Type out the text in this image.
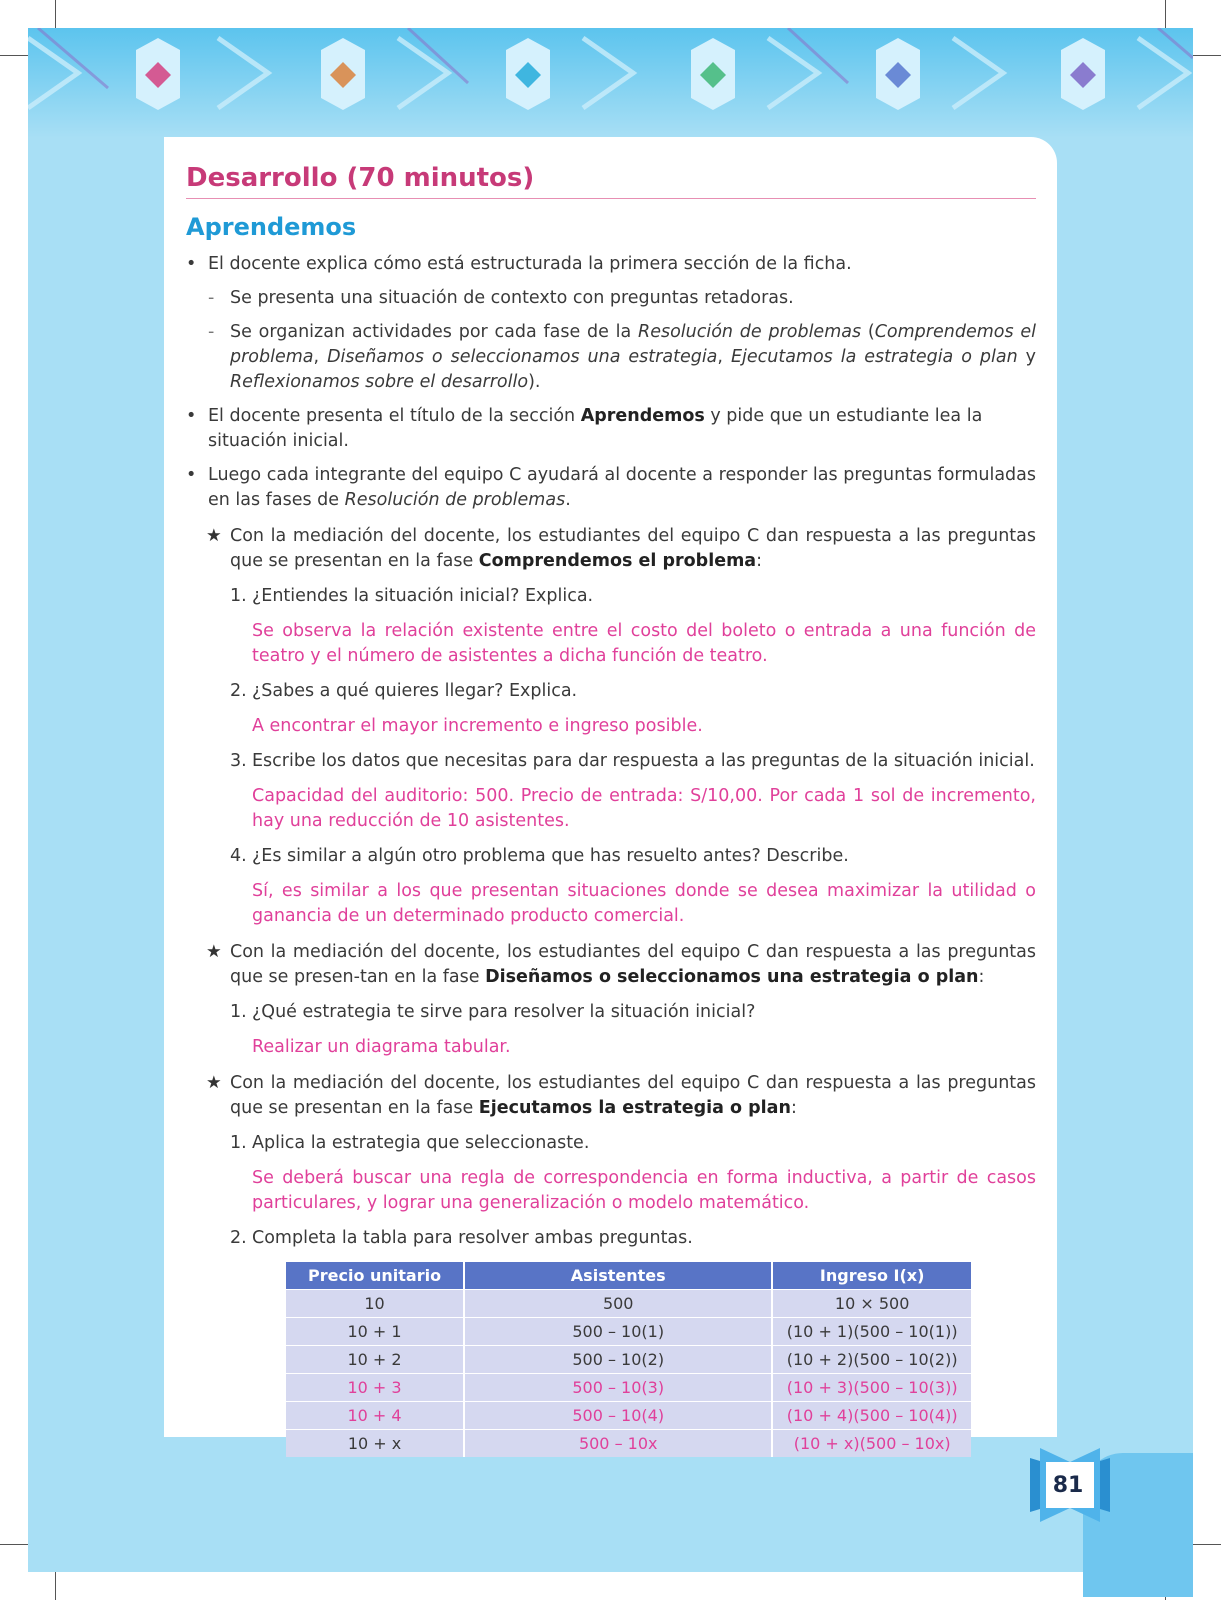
Desarrollo (70 minutos)
Aprendemos
• El docente explica cómo está estructurada la primera sección de la ficha.
- Se presenta una situación de contexto con preguntas retadoras.
- Se organizan actividades por cada fase de la Resolución de problemas (Comprendemos el problema, Diseñamos o seleccionamos una estrategia, Ejecutamos la estrategia o plan y Reflexionamos sobre el desarrollo).
• El docente presenta el título de la sección Aprendemos y pide que un estudiante lea la situación inicial.
• Luego cada integrante del equipo C ayudará al docente a responder las preguntas formuladas en las fases de Resolución de problemas.
★ Con la mediación del docente, los estudiantes del equipo C dan respuesta a las preguntas que se presentan en la fase Comprendemos el problema:
1. ¿Entiendes la situación inicial? Explica.
Se observa la relación existente entre el costo del boleto o entrada a una función de teatro y el número de asistentes a dicha función de teatro.
2. ¿Sabes a qué quieres llegar? Explica.
A encontrar el mayor incremento e ingreso posible.
3. Escribe los datos que necesitas para dar respuesta a las preguntas de la situación inicial.
Capacidad del auditorio: 500. Precio de entrada: S/10,00. Por cada 1 sol de incremento, hay una reducción de 10 asistentes.
4. ¿Es similar a algún otro problema que has resuelto antes? Describe.
Sí, es similar a los que presentan situaciones donde se desea maximizar la utilidad o ganancia de un determinado producto comercial.
★ Con la mediación del docente, los estudiantes del equipo C dan respuesta a las preguntas que se presen-tan en la fase Diseñamos o seleccionamos una estrategia o plan:
1. ¿Qué estrategia te sirve para resolver la situación inicial?
Realizar un diagrama tabular.
★ Con la mediación del docente, los estudiantes del equipo C dan respuesta a las preguntas que se presentan en la fase Ejecutamos la estrategia o plan:
1. Aplica la estrategia que seleccionaste.
Se deberá buscar una regla de correspondencia en forma inductiva, a partir de casos particulares, y lograr una generalización o modelo matemático.
2. Completa la tabla para resolver ambas preguntas.
Precio unitario	Asistentes	Ingreso I(x)
10	500	10 × 500
10 + 1	500 – 10(1)	(10 + 1)(500 – 10(1))
10 + 2	500 – 10(2)	(10 + 2)(500 – 10(2))
10 + 3	500 – 10(3)	(10 + 3)(500 – 10(3))
10 + 4	500 – 10(4)	(10 + 4)(500 – 10(4))
10 + x	500 – 10x	(10 + x)(500 – 10x)
81
